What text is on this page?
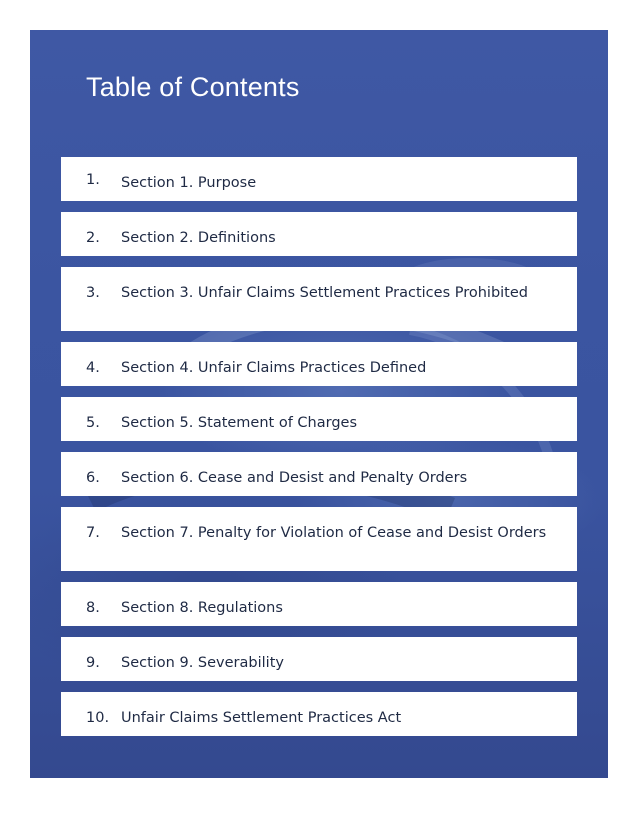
Table of Contents
1.	Section 1. Purpose
2.	Section 2. Definitions
3.	Section 3. Unfair Claims Settlement Practices Prohibited
4.	Section 4. Unfair Claims Practices Defined
5.	Section 5. Statement of Charges
6.	Section 6. Cease and Desist and Penalty Orders
7.	Section 7. Penalty for Violation of Cease and Desist Orders
8.	Section 8. Regulations
9.	Section 9. Severability
10. Unfair Claims Settlement Practices Act
